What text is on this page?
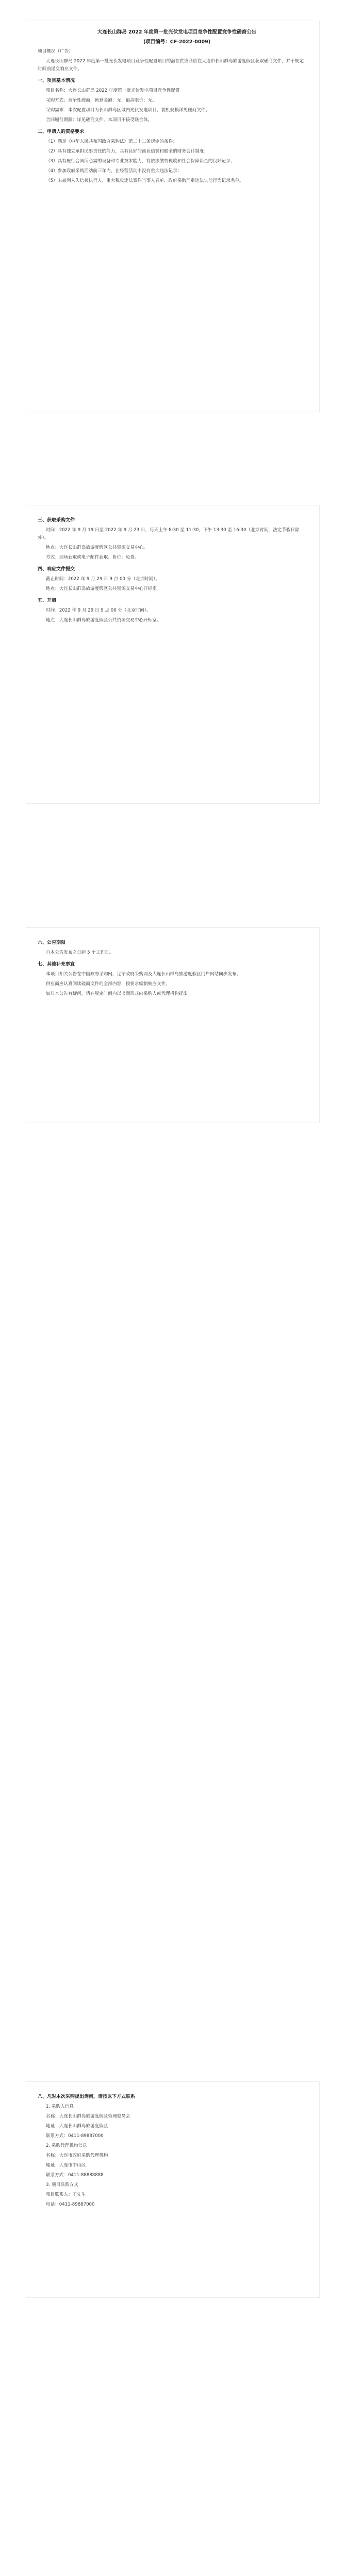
大连长山群岛 2022 年度第一批光伏发电项目竞争性配置竞争性磋商公告

(项目编号：CF-2022-0009)

项目概况（广告）

大连长山群岛 2022 年度第一批光伏发电项目竞争性配置项目的潜在供应商应在大连市长山群岛旅游度假区获取磋商文件，并于规定时间前递交响应文件。

一、项目基本情况

项目名称：大连长山群岛 2022 年度第一批光伏发电项目竞争性配置

采购方式：竞争性磋商，预算金额：无，最高限价：无。

采购需求：本次配置项目为长山群岛区域内光伏发电项目，装机规模详见磋商文件。

合同履行期限：详见磋商文件。本项目不接受联合体。

二、申请人的资格要求

（1）满足《中华人民共和国政府采购法》第二十二条规定的条件；

（2）具有独立承担民事责任的能力，具有良好的商业信誉和健全的财务会计制度；

（3）具有履行合同所必需的设备和专业技术能力，有依法缴纳税收和社会保障资金的良好记录；

（4）参加政府采购活动前三年内，在经营活动中没有重大违法记录；

（5）未被列入失信被执行人、重大税收违法案件当事人名单、政府采购严重违法失信行为记录名单。

三、获取采购文件

时间：2022 年 9 月 19 日至 2022 年 9 月 23 日，每天上午 8:30 至 11:30，下午 13:30 至 16:30（北京时间，法定节假日除外）。

地点：大连长山群岛旅游度假区公共资源交易中心。

方式：现场获取或电子邮件获取。售价：免费。

四、响应文件提交

截止时间：2022 年 9 月 29 日 9 点 00 分（北京时间）。

地点：大连长山群岛旅游度假区公共资源交易中心开标室。

五、开启

时间：2022 年 9 月 29 日 9 点 00 分（北京时间）。

地点：大连长山群岛旅游度假区公共资源交易中心开标室。

六、公告期限

自本公告发布之日起 5 个工作日。

七、其他补充事宜

本项目相关公告在中国政府采购网、辽宁政府采购网及大连长山群岛旅游度假区门户网站同步发布。

供应商应认真阅读磋商文件的全部内容，按要求编制响应文件。

如对本公告有疑问，请在规定时间内以书面形式向采购人或代理机构提出。

八、凡对本次采购提出询问，请按以下方式联系

1. 采购人信息

名称：大连长山群岛旅游度假区管理委员会

地址：大连长山群岛旅游度假区

联系方式：0411-89887000

2. 采购代理机构信息

名称：大连市政府采购代理机构

地址：大连市中山区

联系方式：0411-88888888

3. 项目联系方式

项目联系人：王先生

电话：0411-89887000
